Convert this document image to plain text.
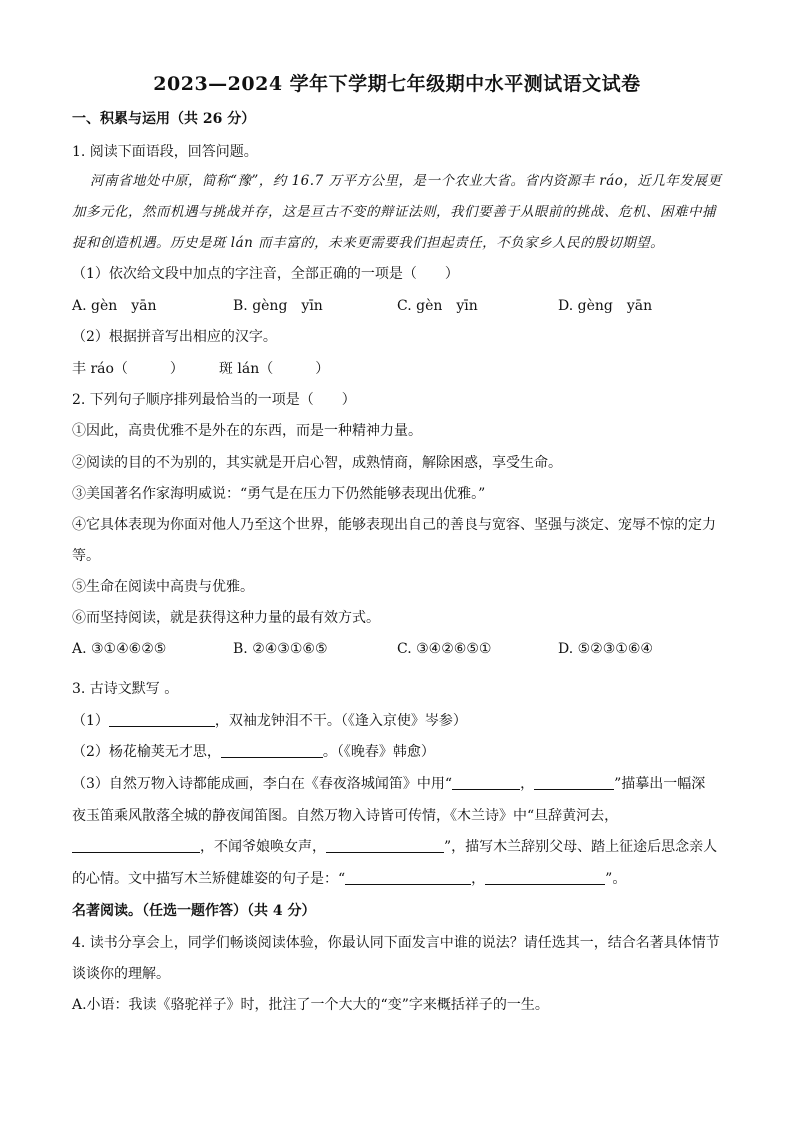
2023—2024 学年下学期七年级期中水平测试语文试卷
一、积累与运用（共 26 分）
1. 阅读下面语段，回答问题。
河南省地处中原，简称“豫”，约 16.7 万平方公里，是一个农业大省。省内资源丰 ráo，近几年发展更
加多元化，然而机遇与挑战并存，这是亘古不变的辩证法则，我们要善于从眼前的挑战、危机、困难中捕
捉和创造机遇。历史是斑 lán 而丰富的，未来更需要我们担起责任，不负家乡人民的殷切期望。
（1）依次给文段中加点的字注音，全部正确的一项是（　　）
A. gèn　yān	B. gèng　yīn	C. gèn　yīn	D. gèng　yān
（2）根据拼音写出相应的汉字。
丰 ráo（　　　）　　　斑 lán（　　　）
2. 下列句子顺序排列最恰当的一项是（　　）
①因此，高贵优雅不是外在的东西，而是一种精神力量。
②阅读的目的不为别的，其实就是开启心智，成熟情商，解除困惑，享受生命。
③美国著名作家海明威说：“勇气是在压力下仍然能够表现出优雅。”
④它具体表现为你面对他人乃至这个世界，能够表现出自己的善良与宽容、坚强与淡定、宠辱不惊的定力
等。
⑤生命在阅读中高贵与优雅。
⑥而坚持阅读，就是获得这种力量的最有效方式。
A. ③①④⑥②⑤	B. ②④③①⑥⑤	C. ③④②⑥⑤①	D. ⑤②③①⑥④
3. 古诗文默写 。
（1）	，双袖龙钟泪不干。（《逢入京使》岑参）
（2）杨花榆荚无才思，	。（《晚春》韩愈）
（3）自然万物入诗都能成画，李白在《春夜洛城闻笛》中用“	，	”描摹出一幅深
夜玉笛乘风散落全城的静夜闻笛图。自然万物入诗皆可传情，《木兰诗》中“旦辞黄河去，
，不闻爷娘唤女声，	”，描写木兰辞别父母、踏上征途后思念亲人
的心情。文中描写木兰矫健雄姿的句子是：“	，	”。
名著阅读。（任选一题作答）（共 4 分）
4. 读书分享会上，同学们畅谈阅读体验，你最认同下面发言中谁的说法？请任选其一，结合名著具体情节
谈谈你的理解。
A.小语：我读《骆驼祥子》时，批注了一个大大的“变”字来概括祥子的一生。
